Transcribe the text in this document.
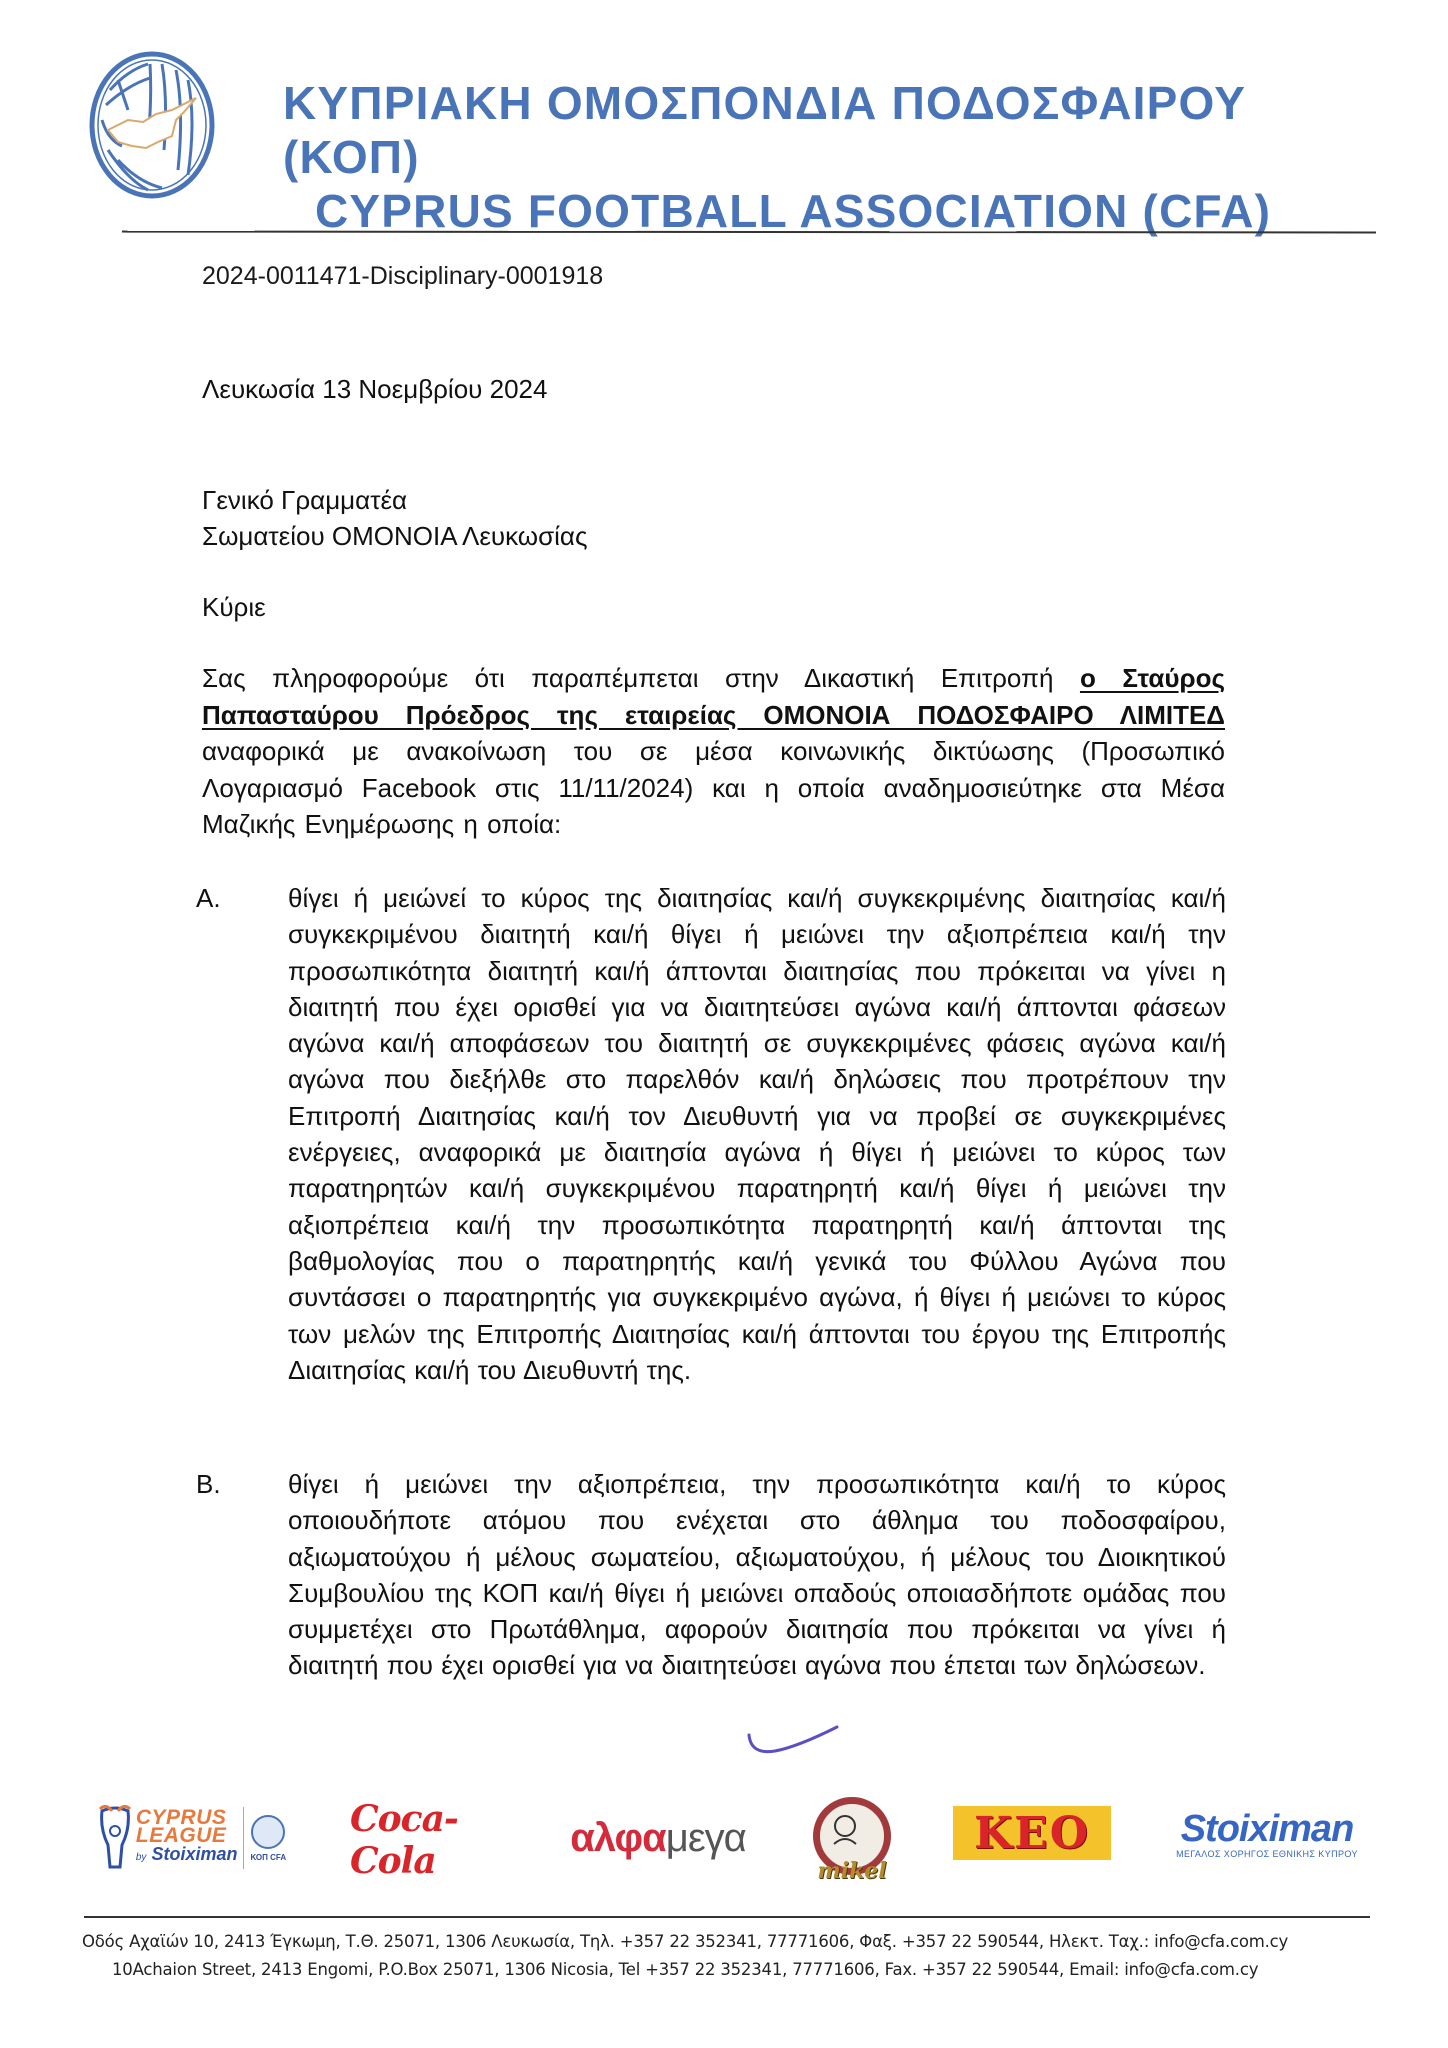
ΚΥΠΡΙΑΚΗ ΟΜΟΣΠΟΝΔΙΑ ΠΟΔΟΣΦΑΙΡΟΥ (ΚΟΠ)
CYPRUS FOOTBALL ASSOCIATION (CFA)
2024-0011471-Disciplinary-0001918
Λευκωσία 13 Νοεμβρίου 2024
Γενικό Γραμματέα
Σωματείου ΟΜΟΝΟΙΑ Λευκωσίας
Κύριε
Σας πληροφορούμε ότι παραπέμπεται στην Δικαστική Επιτροπή ο Σταύρος Παπασταύρου Πρόεδρος της εταιρείας ΟΜΟΝΟΙΑ ΠΟΔΟΣΦΑΙΡΟ ΛΙΜΙΤΕΔ αναφορικά με ανακοίνωση του σε μέσα κοινωνικής δικτύωσης (Προσωπικό Λογαριασμό Facebook στις 11/11/2024) και η οποία αναδημοσιεύτηκε στα Μέσα Μαζικής Ενημέρωσης η οποία:
Α.	θίγει ή μειώνεί το κύρος της διαιτησίας και/ή συγκεκριμένης διαιτησίας και/ή συγκεκριμένου διαιτητή και/ή θίγει ή μειώνει την αξιοπρέπεια και/ή την προσωπικότητα διαιτητή και/ή άπτονται διαιτησίας που πρόκειται να γίνει η διαιτητή που έχει ορισθεί για να διαιτητεύσει αγώνα και/ή άπτονται φάσεων αγώνα και/ή αποφάσεων του διαιτητή σε συγκεκριμένες φάσεις αγώνα και/ή αγώνα που διεξήλθε στο παρελθόν και/ή δηλώσεις που προτρέπουν την Επιτροπή Διαιτησίας και/ή τον Διευθυντή για να προβεί σε συγκεκριμένες ενέργειες, αναφορικά με διαιτησία αγώνα ή θίγει ή μειώνει το κύρος των παρατηρητών και/ή συγκεκριμένου παρατηρητή και/ή θίγει ή μειώνει την αξιοπρέπεια και/ή την προσωπικότητα παρατηρητή και/ή άπτονται της βαθμολογίας που ο παρατηρητής και/ή γενικά του Φύλλου Αγώνα που συντάσσει ο παρατηρητής για συγκεκριμένο αγώνα, ή θίγει ή μειώνει το κύρος των μελών της Επιτροπής Διαιτησίας και/ή άπτονται του έργου της Επιτροπής Διαιτησίας και/ή του Διευθυντή της.
Β.	θίγει ή μειώνει την αξιοπρέπεια, την προσωπικότητα και/ή το κύρος οποιουδήποτε ατόμου που ενέχεται στο άθλημα του ποδοσφαίρου, αξιωματούχου ή μέλους σωματείου, αξιωματούχου, ή μέλους του Διοικητικού Συμβουλίου της ΚΟΠ και/ή θίγει ή μειώνει οπαδούς οποιασδήποτε ομάδας που συμμετέχει στο Πρωτάθλημα, αφορούν διαιτησία που πρόκειται να γίνει ή διαιτητή που έχει ορισθεί για να διαιτητεύσει αγώνα που έπεται των δηλώσεων.
CYPRUS
LEAGUE
by Stoiximan ΚΟΠ CFA
Coca-Cola
αλφαμεγα
mikel
KEO Stoiximan
ΜΕΓΑΛΟΣ ΧΟΡΗΓΟΣ ΕΘΝΙΚΗΣ ΚΥΠΡΟΥ
Οδός Αχαϊών 10, 2413 Έγκωμη, Τ.Θ. 25071, 1306 Λευκωσία, Τηλ. +357 22 352341, 77771606, Φαξ. +357 22 590544, Ηλεκτ. Ταχ.: info@cfa.com.cy
10Achaion Street, 2413 Engomi, P.O.Box 25071, 1306 Nicosia, Tel +357 22 352341, 77771606, Fax. +357 22 590544, Email: info@cfa.com.cy
